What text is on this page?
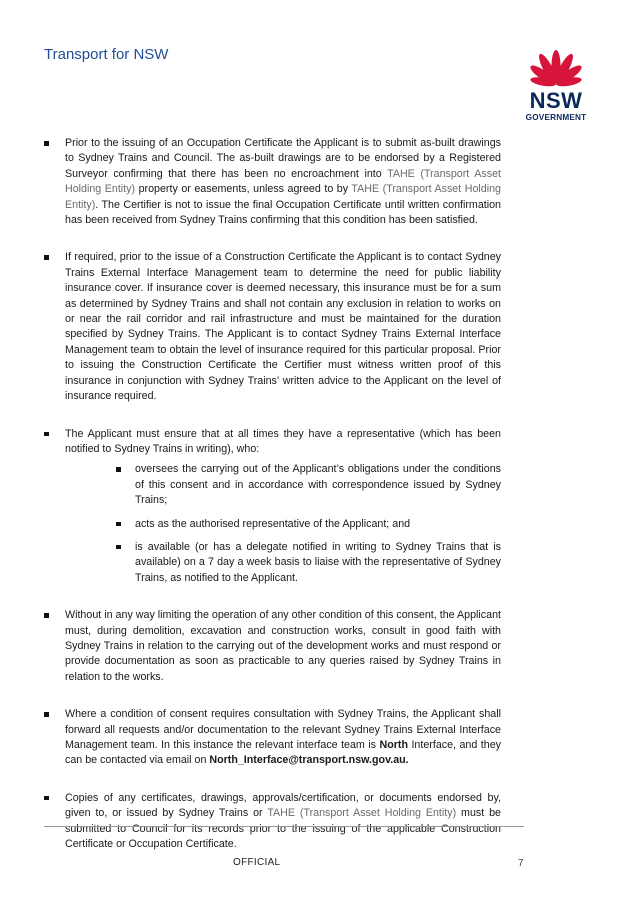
Transport for NSW
NSW
GOVERNMENT

Prior to the issuing of an Occupation Certificate the Applicant is to submit as-built drawings to Sydney Trains and Council. The as-built drawings are to be endorsed by a Registered Surveyor confirming that there has been no encroachment into TAHE (Transport Asset Holding Entity) property or easements, unless agreed to by TAHE (Transport Asset Holding Entity). The Certifier is not to issue the final Occupation Certificate until written confirmation has been received from Sydney Trains confirming that this condition has been satisfied.

If required, prior to the issue of a Construction Certificate the Applicant is to contact Sydney Trains External Interface Management team to determine the need for public liability insurance cover. If insurance cover is deemed necessary, this insurance must be for a sum as determined by Sydney Trains and shall not contain any exclusion in relation to works on or near the rail corridor and rail infrastructure and must be maintained for the duration specified by Sydney Trains. The Applicant is to contact Sydney Trains External Interface Management team to obtain the level of insurance required for this particular proposal. Prior to issuing the Construction Certificate the Certifier must witness written proof of this insurance in conjunction with Sydney Trains’ written advice to the Applicant on the level of insurance required.

The Applicant must ensure that at all times they have a representative (which has been notified to Sydney Trains in writing), who:

oversees the carrying out of the Applicant’s obligations under the conditions of this consent and in accordance with correspondence issued by Sydney Trains;
acts as the authorised representative of the Applicant; and
is available (or has a delegate notified in writing to Sydney Trains that is available) on a 7 day a week basis to liaise with the representative of Sydney Trains, as notified to the Applicant.

Without in any way limiting the operation of any other condition of this consent, the Applicant must, during demolition, excavation and construction works, consult in good faith with Sydney Trains in relation to the carrying out of the development works and must respond or provide documentation as soon as practicable to any queries raised by Sydney Trains in relation to the works.

Where a condition of consent requires consultation with Sydney Trains, the Applicant shall forward all requests and/or documentation to the relevant Sydney Trains External Interface Management team. In this instance the relevant interface team is North Interface, and they can be contacted via email on North_Interface@transport.nsw.gov.au.

Copies of any certificates, drawings, approvals/certification, or documents endorsed by, given to, or issued by Sydney Trains or TAHE (Transport Asset Holding Entity) must be submitted to Council for its records prior to the issuing of the applicable Construction Certificate or Occupation Certificate.

OFFICIAL	7
